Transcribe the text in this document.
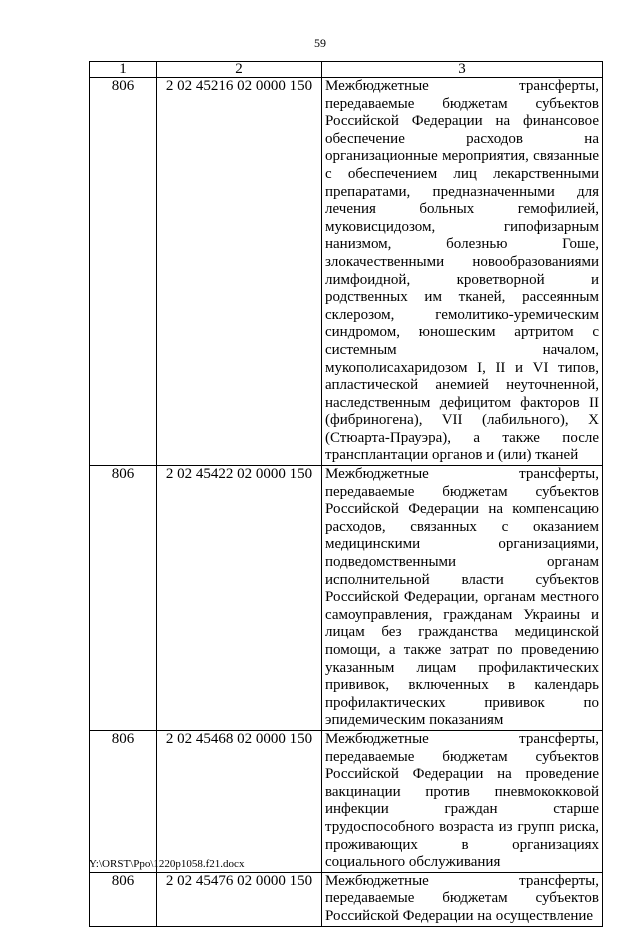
59
1	2	3
806	2 02 45216 02 0000 150	Межбюджетные трансферты, передаваемые бюджетам субъектов Российской Федерации на финансовое обеспечение расходов на организационные мероприятия, связанные с обеспечением лиц лекарственными препаратами, предназначенными для лечения больных гемофилией, муковисцидозом, гипофизарным нанизмом, болезнью Гоше, злокачественными новообразованиями лимфоидной, кроветворной и родственных им тканей, рассеянным склерозом, гемолитико-уремическим синдромом, юношеским артритом с системным началом, мукополисахаридозом I, II и VI типов, апластической анемией неуточненной, наследственным дефицитом факторов II (фибриногена), VII (лабильного), X (Стюарта-Прауэра), а также после трансплантации органов и (или) тканей
806	2 02 45422 02 0000 150	Межбюджетные трансферты, передаваемые бюджетам субъектов Российской Федерации на компенсацию расходов, связанных с оказанием медицинскими организациями, подведомственными органам исполнительной власти субъектов Российской Федерации, органам местного самоуправления, гражданам Украины и лицам без гражданства медицинской помощи, а также затрат по проведению указанным лицам профилактических прививок, включенных в календарь профилактических прививок по эпидемическим показаниям
806	2 02 45468 02 0000 150	Межбюджетные трансферты, передаваемые бюджетам субъектов Российской Федерации на проведение вакцинации против пневмококковой инфекции граждан старше трудоспособного возраста из групп риска, проживающих в организациях социального обслуживания
806	2 02 45476 02 0000 150	Межбюджетные трансферты, передаваемые бюджетам субъектов Российской Федерации на осуществление
Y:\ORST\Ppo\1220p1058.f21.docx
